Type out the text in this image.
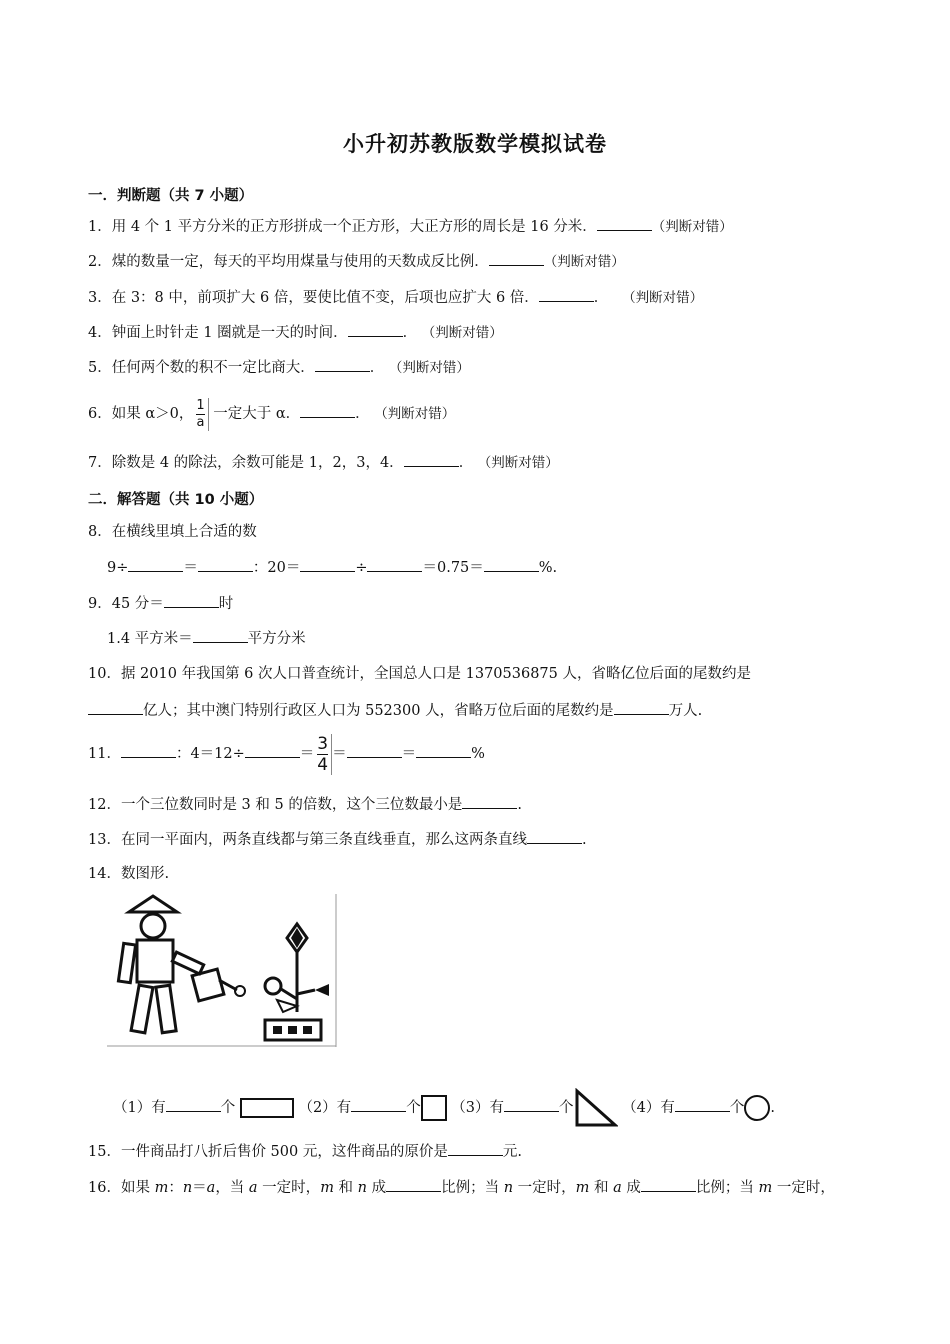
小升初苏教版数学模拟试卷
一．判断题（共 7 小题）
1．用 4 个 1 平方分米的正方形拼成一个正方形，大正方形的周长是 16 分米．	（判断对错）
2．煤的数量一定，每天的平均用煤量与使用的天数成反比例．	（判断对错）
3．在 3：8 中，前项扩大 6 倍，要使比值不变，后项也应扩大 6 倍．	． （判断对错）
4．钟面上时针走 1 圈就是一天的时间．	． （判断对错）
5．任何两个数的积不一定比商大．	． （判断对错）
6．如果 α＞0， $\frac{1}{a}$ 一定大于 α．	． （判断对错）
7．除数是 4 的除法，余数可能是 1，2，3，4．	． （判断对错）
二．解答题（共 10 小题）
8．在横线里填上合适的数
9÷	＝	：20＝	÷	＝0.75＝	%.
9．45 分＝	时
1.4 平方米＝	平方分米
10．据 2010 年我国第 6 次人口普查统计，全国总人口是 1370536875 人，省略亿位后面的尾数约是
亿人；其中澳门特别行政区人口为 552300 人，省略万位后面的尾数约是	万人.
11．	：4＝12÷	＝ $\frac{3}{4}$ ＝	＝	%
12．一个三位数同时是 3 和 5 的倍数，这个三位数最小是	.
13．在同一平面内，两条直线都与第三条直线垂直，那么这两条直线	.
14．数图形.
（1）有	个	（2）有	个 （3）有	个	（4）有	个 .
15．一件商品打八折后售价 500 元，这件商品的原价是	元.
16．如果 m：n＝a，当 a 一定时，m 和 n 成	比例；当 n 一定时，m 和 a 成	比例；当 m 一定时，
